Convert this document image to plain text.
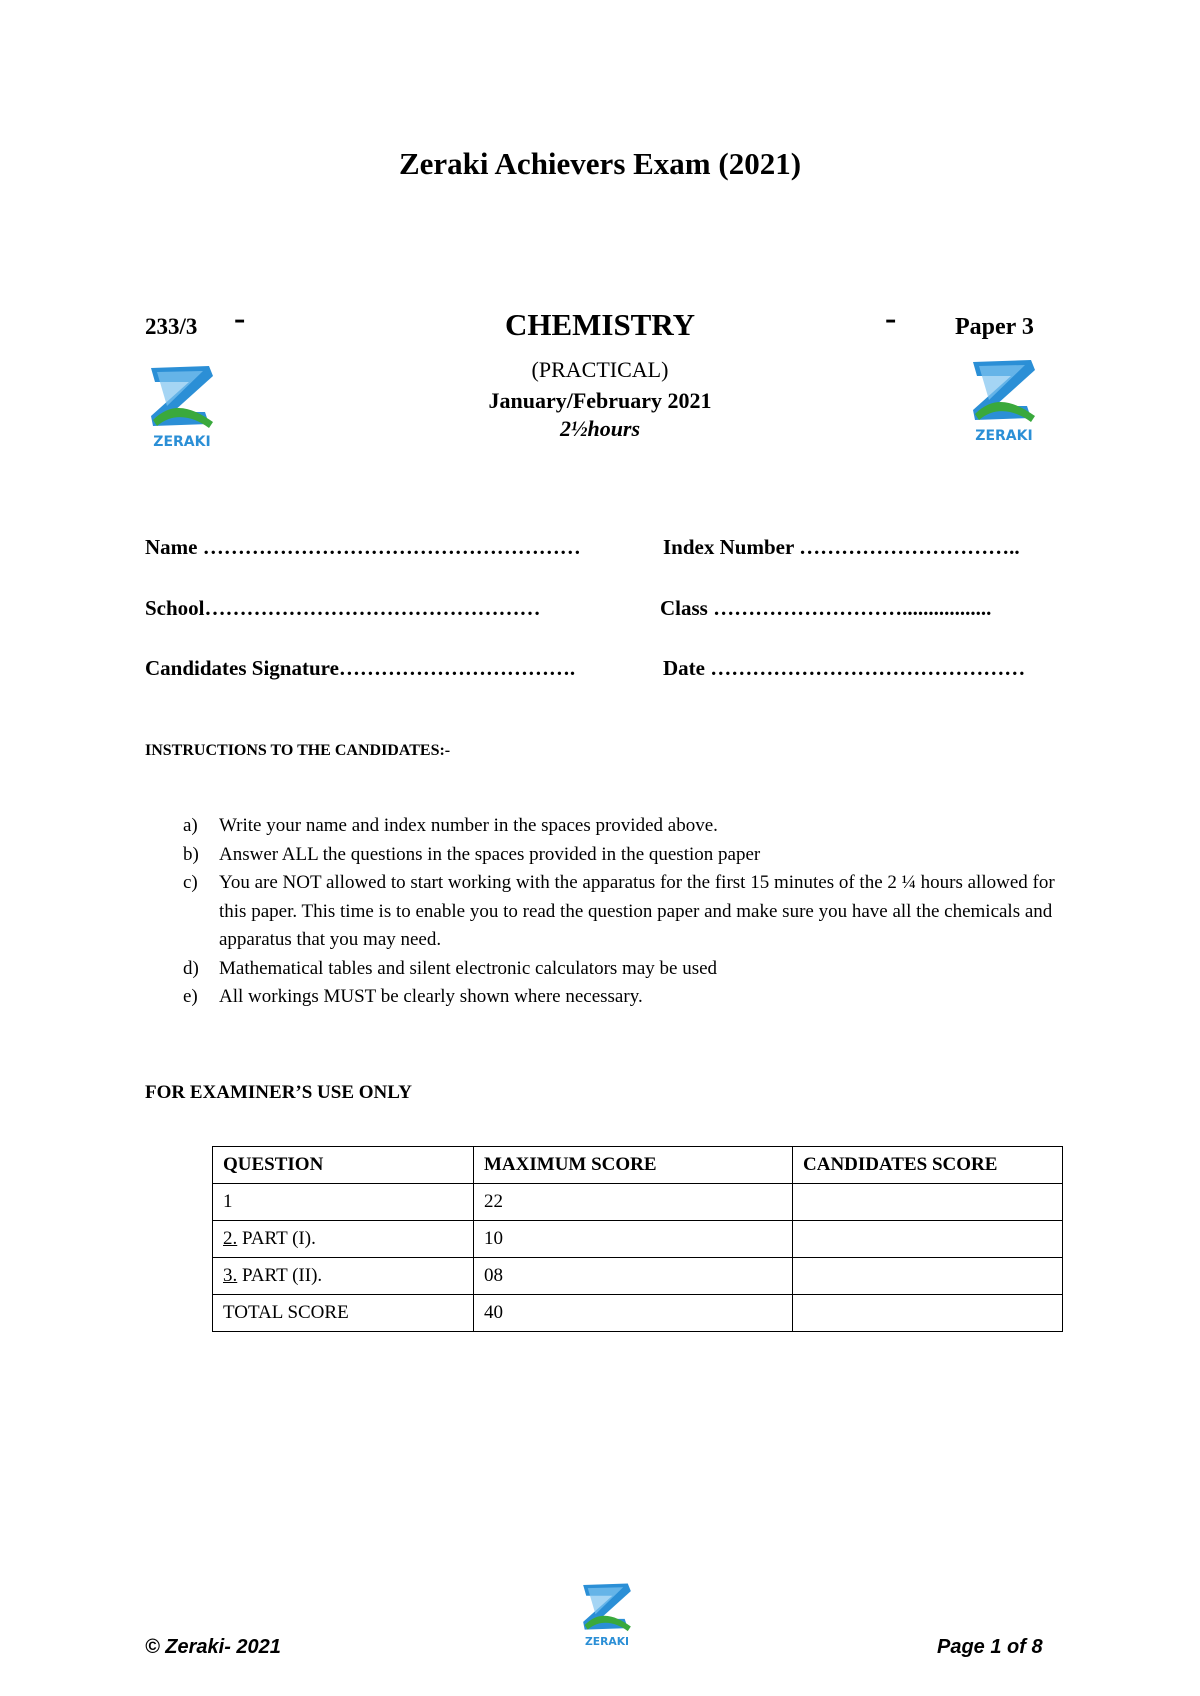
Zeraki Achievers Exam (2021)
233/3 -	CHEMISTRY	- Paper 3
(PRACTICAL)
January/February 2021
2½hours
ZERAKI	ZERAKI
Name ………………………………………………	Index Number …………………………..
School…………………………………………	Class ……………………….................
Candidates Signature…………………………….	Date ………………………………………
INSTRUCTIONS TO THE CANDIDATES:-
a)	Write your name and index number in the spaces provided above.
b)	Answer ALL the questions in the spaces provided in the question paper
c)	You are NOT allowed to start working with the apparatus for the first 15 minutes of the 2 ¼ hours allowed for this paper. This time is to enable you to read the question paper and make sure you have all the chemicals and apparatus that you may need.
d)	Mathematical tables and silent electronic calculators may be used
e)	All workings MUST be clearly shown where necessary.
FOR EXAMINER’S USE ONLY
QUESTION	MAXIMUM SCORE	CANDIDATES SCORE
1	22	
2. PART (I).	10	
3. PART (II).	08	
TOTAL SCORE	40	
© Zeraki- 2021	ZERAKI	Page 1 of 8
